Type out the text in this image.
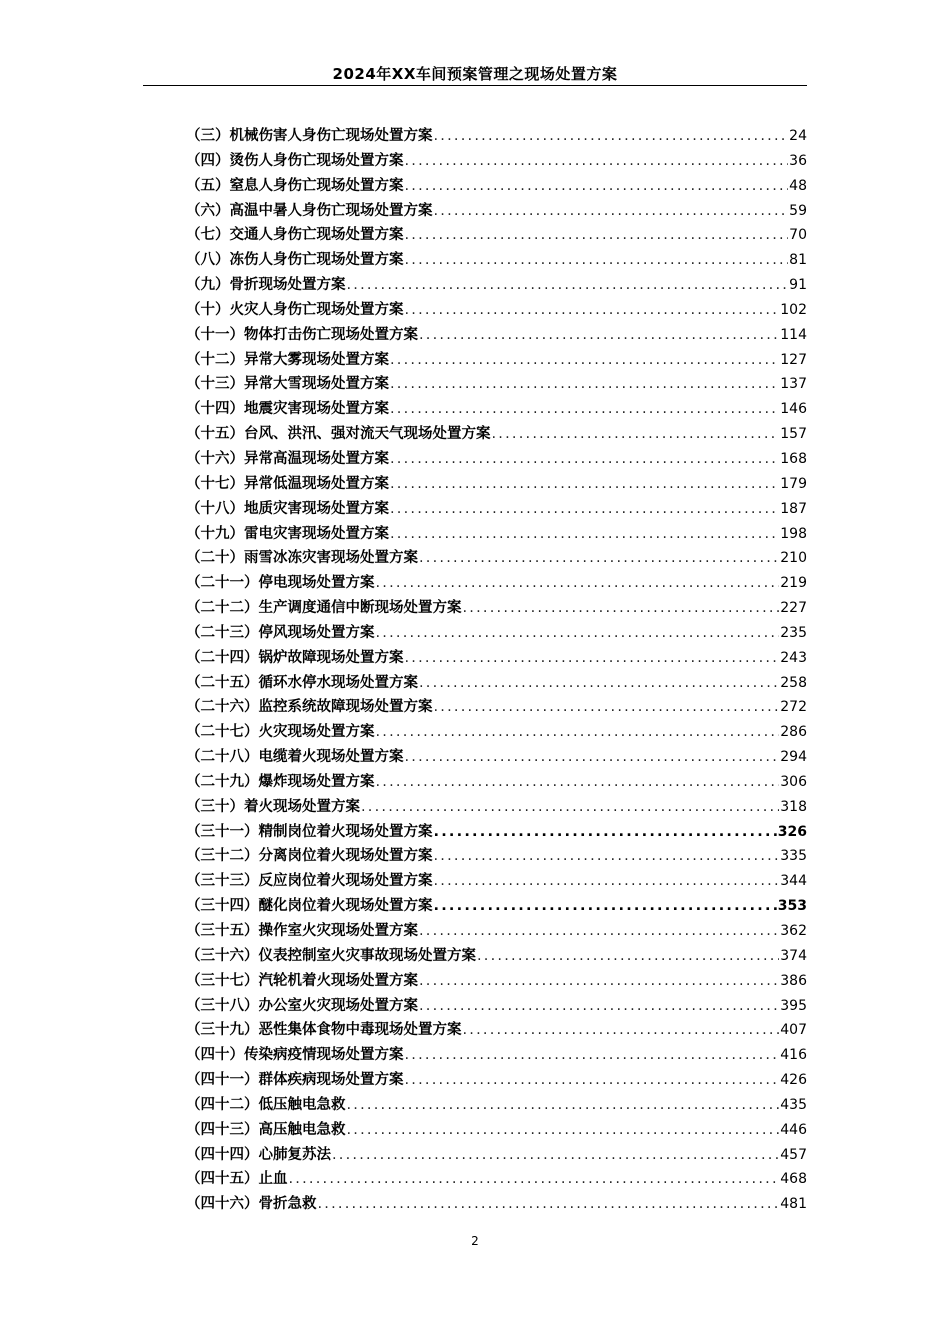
2024年XX车间预案管理之现场处置方案
（三）机械伤害人身伤亡现场处置方案 .....	24
（四）烫伤人身伤亡现场处置方案 .....	36
（五）窒息人身伤亡现场处置方案 .....	48
（六）高温中暑人身伤亡现场处置方案 .....	59
（七）交通人身伤亡现场处置方案 .....	70
（八）冻伤人身伤亡现场处置方案 .....	81
（九）骨折现场处置方案 .....	91
（十）火灾人身伤亡现场处置方案 .....	102
（十一）物体打击伤亡现场处置方案 .....	114
（十二）异常大雾现场处置方案 .....	127
（十三）异常大雪现场处置方案 .....	137
（十四）地震灾害现场处置方案 .....	146
（十五）台风、洪汛、强对流天气现场处置方案 .....	157
（十六）异常高温现场处置方案 .....	168
（十七）异常低温现场处置方案 .....	179
（十八）地质灾害现场处置方案 .....	187
（十九）雷电灾害现场处置方案 .....	198
（二十）雨雪冰冻灾害现场处置方案 .....	210
（二十一）停电现场处置方案 .....	219
（二十二）生产调度通信中断现场处置方案 .....	227
（二十三）停风现场处置方案 .....	235
（二十四）锅炉故障现场处置方案 .....	243
（二十五）循环水停水现场处置方案 .....	258
（二十六）监控系统故障现场处置方案 .....	272
（二十七）火灾现场处置方案 .....	286
（二十八）电缆着火现场处置方案 .....	294
（二十九）爆炸现场处置方案 .....	306
（三十）着火现场处置方案 .....	318
（三十一）精制岗位着火现场处置方案 .....	326
（三十二）分离岗位着火现场处置方案 .....	335
（三十三）反应岗位着火现场处置方案 .....	344
（三十四）醚化岗位着火现场处置方案 .....	353
（三十五）操作室火灾现场处置方案 .....	362
（三十六）仪表控制室火灾事故现场处置方案 .....	374
（三十七）汽轮机着火现场处置方案 .....	386
（三十八）办公室火灾现场处置方案 .....	395
（三十九）恶性集体食物中毒现场处置方案 .....	407
（四十）传染病疫情现场处置方案 .....	416
（四十一）群体疾病现场处置方案 .....	426
（四十二）低压触电急救 .....	435
（四十三）高压触电急救 .....	446
（四十四）心肺复苏法 .....	457
（四十五）止血 .....	468
（四十六）骨折急救 .....	481
2
